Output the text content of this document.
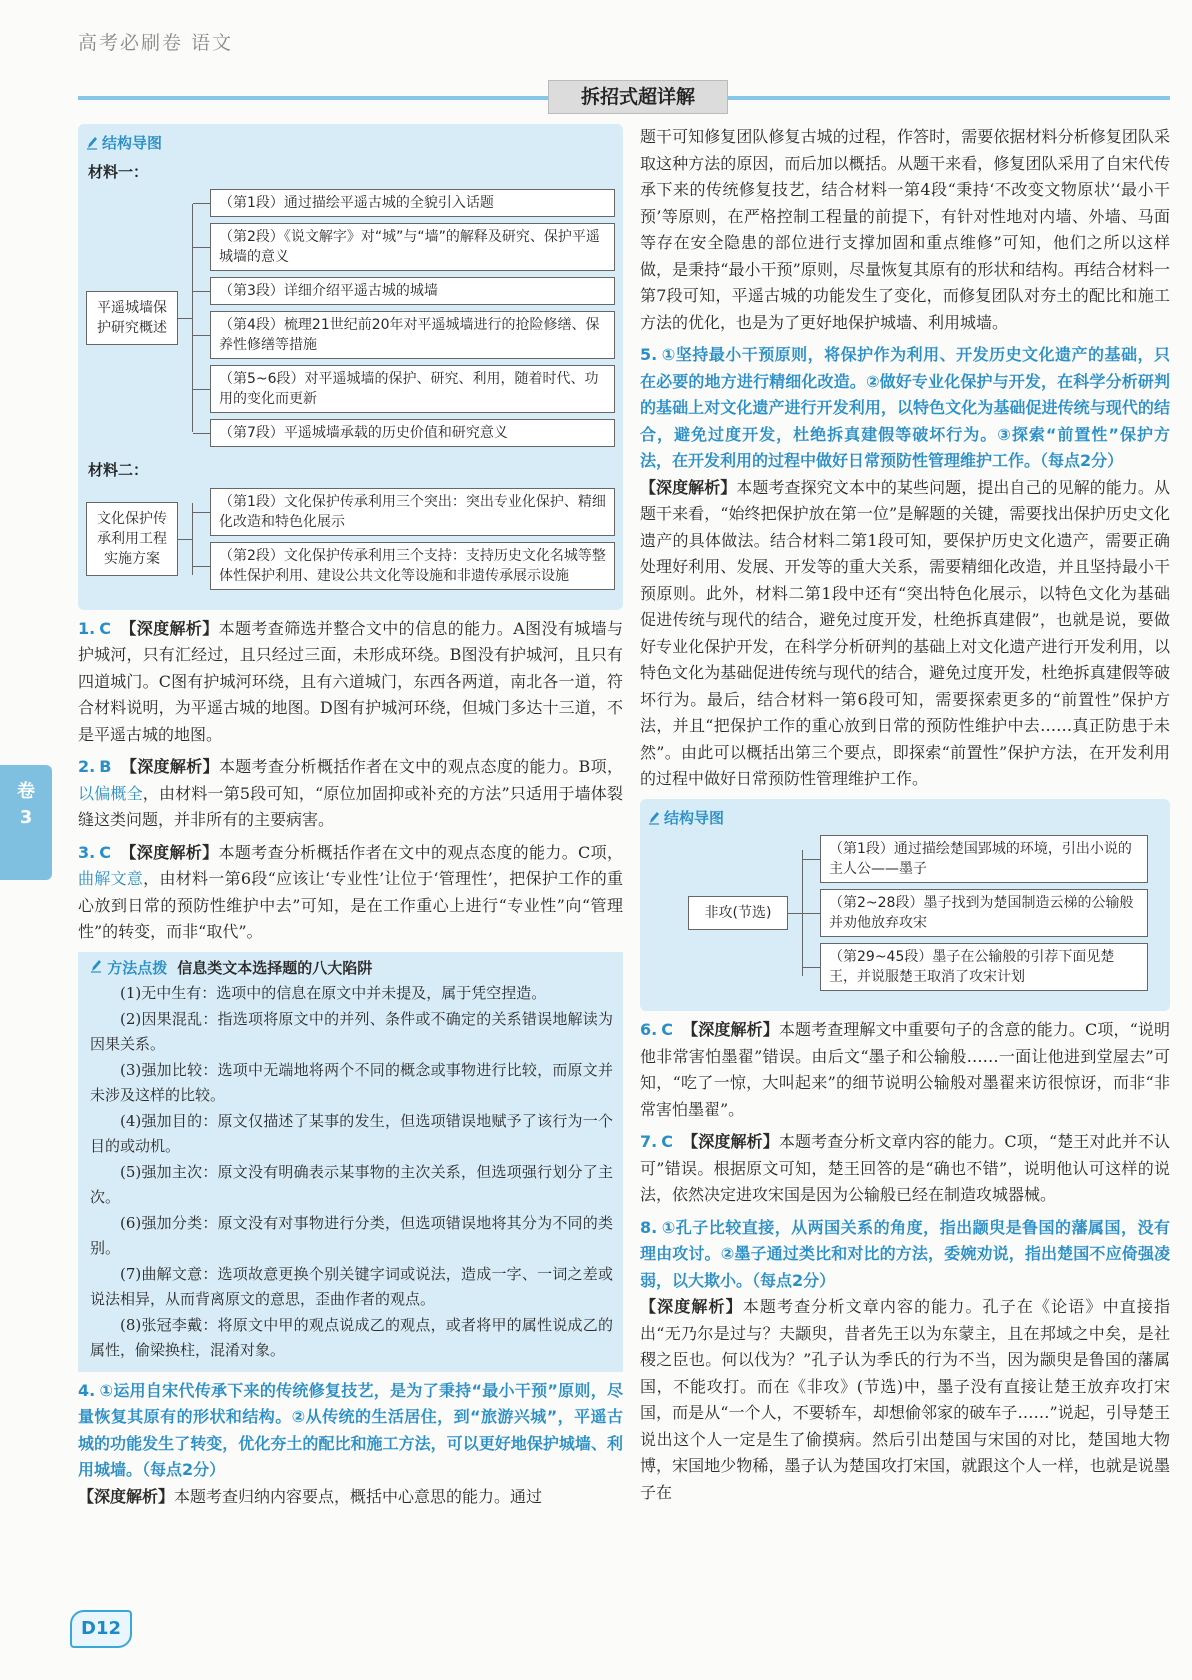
高考必刷卷 语文
拆招式超详解
卷
3
D12
结构导图
材料一：
平遥城墙保护研究概述
（第1段）通过描绘平遥古城的全貌引入话题
（第2段）《说文解字》对“城”与“墙”的解释及研究、保护平遥城墙的意义
（第3段）详细介绍平遥古城的城墙
（第4段）梳理21世纪前20年对平遥城墙进行的抢险修缮、保养性修缮等措施
（第5~6段）对平遥城墙的保护、研究、利用，随着时代、功用的变化而更新
（第7段）平遥城墙承载的历史价值和研究意义
材料二：
文化保护传承利用工程实施方案
（第1段）文化保护传承利用三个突出：突出专业化保护、精细化改造和特色化展示
（第2段）文化保护传承利用三个支持：支持历史文化名城等整体性保护利用、建设公共文化等设施和非遗传承展示设施
1. C 【深度解析】本题考查筛选并整合文中的信息的能力。A图没有城墙与护城河，只有汇经过，且只经过三面，未形成环绕。B图没有护城河，且只有四道城门。C图有护城河环绕，且有六道城门，东西各两道，南北各一道，符合材料说明，为平遥古城的地图。D图有护城河环绕，但城门多达十三道，不是平遥古城的地图。
2. B 【深度解析】本题考查分析概括作者在文中的观点态度的能力。B项，以偏概全，由材料一第5段可知，“原位加固抑或补充的方法”只适用于墙体裂缝这类问题，并非所有的主要病害。
3. C 【深度解析】本题考查分析概括作者在文中的观点态度的能力。C项，曲解文意，由材料一第6段“应该让‘专业性’让位于‘管理性’，把保护工作的重心放到日常的预防性维护中去”可知，是在工作重心上进行“专业性”向“管理性”的转变，而非“取代”。
方法点拨 信息类文本选择题的八大陷阱

(1)无中生有：选项中的信息在原文中并未提及，属于凭空捏造。

(2)因果混乱：指选项将原文中的并列、条件或不确定的关系错误地解读为因果关系。

(3)强加比较：选项中无端地将两个不同的概念或事物进行比较，而原文并未涉及这样的比较。

(4)强加目的：原文仅描述了某事的发生，但选项错误地赋予了该行为一个目的或动机。

(5)强加主次：原文没有明确表示某事物的主次关系，但选项强行划分了主次。

(6)强加分类：原文没有对事物进行分类，但选项错误地将其分为不同的类别。

(7)曲解文意：选项故意更换个别关键字词或说法，造成一字、一词之差或说法相异，从而背离原文的意思，歪曲作者的观点。

(8)张冠李戴：将原文中甲的观点说成乙的观点，或者将甲的属性说成乙的属性，偷梁换柱，混淆对象。

4. ①运用自宋代传承下来的传统修复技艺，是为了秉持“最小干预”原则，尽量恢复其原有的形状和结构。②从传统的生活居住，到“旅游兴城”，平遥古城的功能发生了转变，优化夯土的配比和施工方法，可以更好地保护城墙、利用城墙。（每点2分）
【深度解析】本题考查归纳内容要点，概括中心意思的能力。通过
题干可知修复团队修复古城的过程，作答时，需要依据材料分析修复团队采取这种方法的原因，而后加以概括。从题干来看，修复团队采用了自宋代传承下来的传统修复技艺，结合材料一第4段“秉持‘不改变文物原状’‘最小干预’等原则，在严格控制工程量的前提下，有针对性地对内墙、外墙、马面等存在安全隐患的部位进行支撑加固和重点维修”可知，他们之所以这样做，是秉持“最小干预”原则，尽量恢复其原有的形状和结构。再结合材料一第7段可知，平遥古城的功能发生了变化，而修复团队对夯土的配比和施工方法的优化，也是为了更好地保护城墙、利用城墙。
5. ①坚持最小干预原则，将保护作为利用、开发历史文化遗产的基础，只在必要的地方进行精细化改造。②做好专业化保护与开发，在科学分析研判的基础上对文化遗产进行开发利用，以特色文化为基础促进传统与现代的结合，避免过度开发，杜绝拆真建假等破坏行为。③探索“前置性”保护方法，在开发利用的过程中做好日常预防性管理维护工作。（每点2分）
【深度解析】本题考查探究文本中的某些问题，提出自己的见解的能力。从题干来看，“始终把保护放在第一位”是解题的关键，需要找出保护历史文化遗产的具体做法。结合材料二第1段可知，要保护历史文化遗产，需要正确处理好利用、发展、开发等的重大关系，需要精细化改造，并且坚持最小干预原则。此外，材料二第1段中还有“突出特色化展示，以特色文化为基础促进传统与现代的结合，避免过度开发，杜绝拆真建假”，也就是说，要做好专业化保护开发，在科学分析研判的基础上对文化遗产进行开发利用，以特色文化为基础促进传统与现代的结合，避免过度开发，杜绝拆真建假等破坏行为。最后，结合材料一第6段可知，需要探索更多的“前置性”保护方法，并且“把保护工作的重心放到日常的预防性维护中去……真正防患于未然”。由此可以概括出第三个要点，即探索“前置性”保护方法，在开发利用的过程中做好日常预防性管理维护工作。
结构导图
非攻(节选)
（第1段）通过描绘楚国郢城的环境，引出小说的主人公——墨子
（第2~28段）墨子找到为楚国制造云梯的公输般并劝他放弃攻宋
（第29~45段）墨子在公输般的引荐下面见楚王，并说服楚王取消了攻宋计划
6. C 【深度解析】本题考查理解文中重要句子的含意的能力。C项，“说明他非常害怕墨翟”错误。由后文“墨子和公输般……一面让他进到堂屋去”可知，“吃了一惊，大叫起来”的细节说明公输般对墨翟来访很惊讶，而非“非常害怕墨翟”。
7. C 【深度解析】本题考查分析文章内容的能力。C项，“楚王对此并不认可”错误。根据原文可知，楚王回答的是“确也不错”，说明他认可这样的说法，依然决定进攻宋国是因为公输般已经在制造攻城器械。
8. ①孔子比较直接，从两国关系的角度，指出颛臾是鲁国的藩属国，没有理由攻讨。②墨子通过类比和对比的方法，委婉劝说，指出楚国不应倚强凌弱，以大欺小。（每点2分）
【深度解析】本题考查分析文章内容的能力。孔子在《论语》中直接指出“无乃尔是过与？夫颛臾，昔者先王以为东蒙主，且在邦域之中矣，是社稷之臣也。何以伐为？”孔子认为季氏的行为不当，因为颛臾是鲁国的藩属国，不能攻打。而在《非攻》(节选)中，墨子没有直接让楚王放弃攻打宋国，而是从“一个人，不要轿车，却想偷邻家的破车子……”说起，引导楚王说出这个人一定是生了偷摸病。然后引出楚国与宋国的对比，楚国地大物博，宋国地少物稀，墨子认为楚国攻打宋国，就跟这个人一样，也就是说墨子在
